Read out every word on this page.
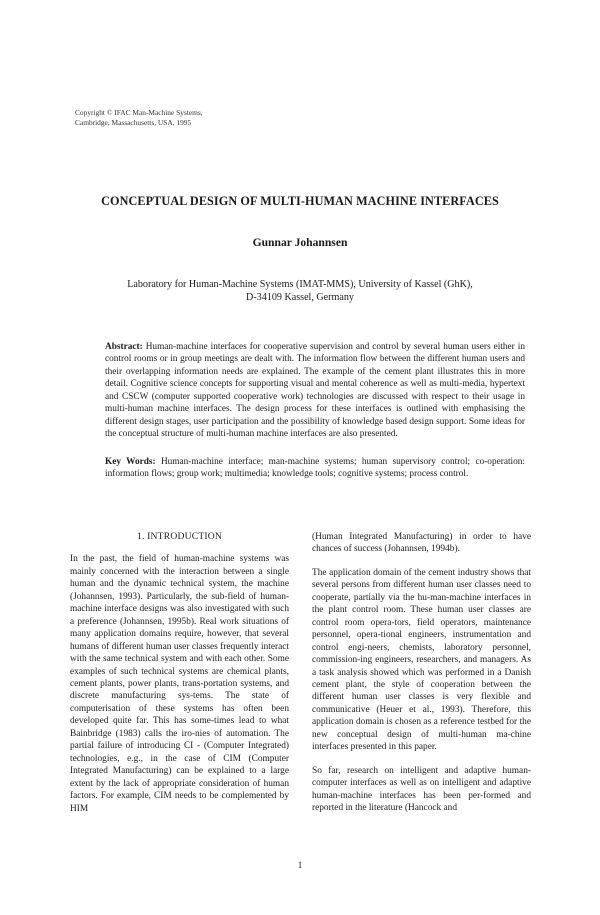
Copyright © IFAC Man-Machine Systems,
Cambridge, Massachusetts, USA, 1995
CONCEPTUAL DESIGN OF MULTI-HUMAN MACHINE INTERFACES
Gunnar Johannsen
Laboratory for Human-Machine Systems (IMAT-MMS), University of Kassel (GhK),
D-34109 Kassel, Germany
Abstract: Human-machine interfaces for cooperative supervision and control by several human users either in control rooms or in group meetings are dealt with. The information flow between the different human users and their overlapping information needs are explained. The example of the cement plant illustrates this in more detail. Cognitive science concepts for supporting visual and mental coherence as well as multi-media, hypertext and CSCW (computer supported cooperative work) technologies are discussed with respect to their usage in multi-human machine interfaces. The design process for these interfaces is outlined with emphasising the different design stages, user participation and the possibility of knowledge based design support. Some ideas for the conceptual structure of multi-human machine interfaces are also presented.
Key Words: Human-machine interface; man-machine systems; human supervisory control; co-operation: information flows; group work; multimedia; knowledge tools; cognitive systems; process control.
1. INTRODUCTION

In the past, the field of human-machine systems was mainly concerned with the interaction between a single human and the dynamic technical system, the machine (Johannsen, 1993). Particularly, the sub-field of human-machine interface designs was also investigated with such a preference (Johannsen, 1995b). Real work situations of many application domains require, however, that several humans of different human user classes frequently interact with the same technical system and with each other. Some examples of such technical systems are chemical plants, cement plants, power plants, trans-portation systems, and discrete manufacturing sys-tems. The state of computerisation of these systems has often been developed quite far. This has some-times lead to what Bainbridge (1983) calls the iro-nies of automation. The partial failure of introducing CI - (Computer Integrated) technologies, e.g., in the case of CIM (Computer Integrated Manufacturing) can be explained to a large extent by the lack of appropriate consideration of human factors. For example, CIM needs to be complemented by HIM

(Human Integrated Manufacturing) in order to have chances of success (Johannsen, 1994b).

The application domain of the cement industry shows that several persons from different human user classes need to cooperate, partially via the hu-man-machine interfaces in the plant control room. These human user classes are control room opera-tors, field operators, maintenance personnel, opera-tional engineers, instrumentation and control engi-neers, chemists, laboratory personnel, commission-ing engineers, researchers, and managers. As a task analysis showed which was performed in a Danish cement plant, the style of cooperation between the different human user classes is very flexible and communicative (Heuer et al., 1993). Therefore, this application domain is chosen as a reference testbed for the new conceptual design of multi-human ma-chine interfaces presented in this paper.

So far, research on intelligent and adaptive human-computer interfaces as well as on intelligent and adaptive human-machine interfaces has been per-formed and reported in the literature (Hancock and

1
